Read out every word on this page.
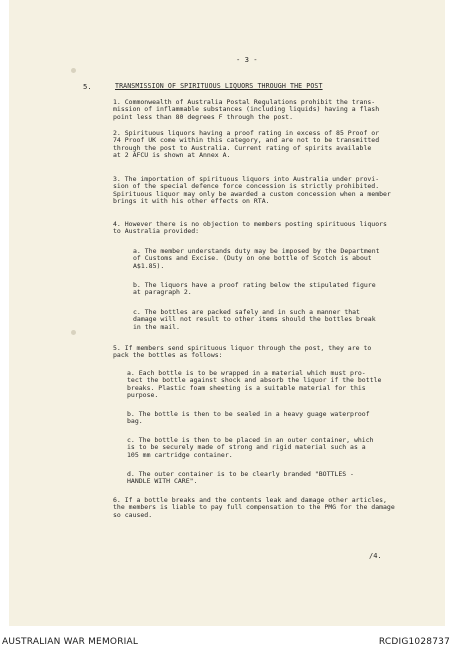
- 3 -
5.	TRANSMISSION OF SPIRITUOUS LIQUORS THROUGH THE POST
1. Commonwealth of Australia Postal Regulations prohibit the trans-
mission of inflammable substances (including liquids) having a flash
point less than 80 degrees F through the post.
2. Spirituous liquors having a proof rating in excess of 85 Proof or
74 Proof UK come within this category, and are not to be transmitted
through the post to Australia. Current rating of spirits available
at 2 AFCU is shown at Annex A.
3. The importation of spirituous liquors into Australia under provi-
sion of the special defence force concession is strictly prohibited.
Spirituous liquor may only be awarded a custom concession when a member
brings it with his other effects on RTA.
4. However there is no objection to members posting spirituous liquors
to Australia provided:
a. The member understands duty may be imposed by the Department
of Customs and Excise. (Duty on one bottle of Scotch is about
A$1.85).
b. The liquors have a proof rating below the stipulated figure
at paragraph 2.
c. The bottles are packed safely and in such a manner that
damage will not result to other items should the bottles break
in the mail.
5. If members send spirituous liquor through the post, they are to
pack the bottles as follows:
a. Each bottle is to be wrapped in a material which must pro-
tect the bottle against shock and absorb the liquor if the bottle
breaks. Plastic foam sheeting is a suitable material for this
purpose.
b. The bottle is then to be sealed in a heavy guage waterproof
bag.
c. The bottle is then to be placed in an outer container, which
is to be securely made of strong and rigid material such as a
105 mm cartridge container.
d. The outer container is to be clearly branded "BOTTLES -
HANDLE WITH CARE".
6. If a bottle breaks and the contents leak and damage other articles,
the members is liable to pay full compensation to the PMG for the damage
so caused.
/4.
AUSTRALIAN WAR MEMORIAL	RCDIG1028737
